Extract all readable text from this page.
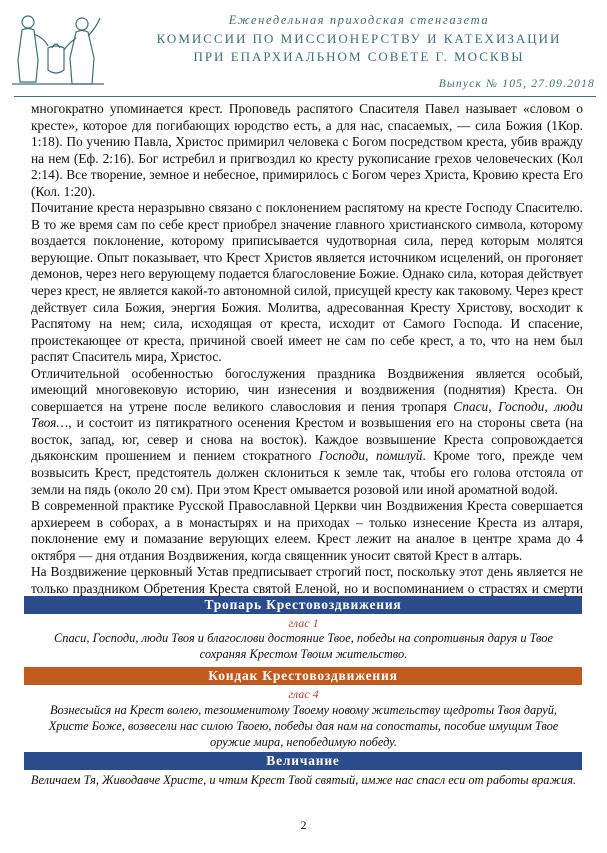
Еженедельная приходская стенгазета
КОМИССИИ ПО МИССИОНЕРСТВУ И КАТЕХИЗАЦИИ
ПРИ ЕПАРХИАЛЬНОМ СОВЕТЕ Г. МОСКВЫ
Выпуск № 105, 27.09.2018

многократно упоминается крест. Проповедь распятого Спасителя Павел называет «словом о кресте», которое для погибающих юродство есть, а для нас, спасаемых, — сила Божия (1Кор. 1:18). По учению Павла, Христос примирил человека с Богом посредством креста, убив вражду на нем (Еф. 2:16). Бог истребил и пригвоздил ко кресту рукописание грехов человеческих (Кол 2:14). Все творение, земное и небесное, примирилось с Богом через Христа, Кровию креста Его (Кол. 1:20).

Почитание креста неразрывно связано с поклонением распятому на кресте Господу Спасителю. В то же время сам по себе крест приобрел значение главного христианского символа, которому воздается поклонение, которому приписывается чудотворная сила, перед которым молятся верующие. Опыт показывает, что Крест Христов является источником исцелений, он прогоняет демонов, через него верующему подается благословение Божие. Однако сила, которая действует через крест, не является какой-то автономной силой, присущей кресту как таковому. Через крест действует сила Божия, энергия Божия. Молитва, адресованная Кресту Христову, восходит к Распятому на нем; сила, исходящая от креста, исходит от Самого Господа. И спасение, проистекающее от креста, причиной своей имеет не сам по себе крест, а то, что на нем был распят Спаситель мира, Христос.

Отличительной особенностью богослужения праздника Воздвижения является особый, имеющий многовековую историю, чин изнесения и воздвижения (поднятия) Креста. Он совершается на утрене после великого славословия и пения тропаря Спаси, Господи, люди Твоя…, и состоит из пятикратного осенения Крестом и возвышения его на стороны света (на восток, запад, юг, север и снова на восток). Каждое возвышение Креста сопровождается дьяконским прошением и пением стократного Господи, помилуй. Кроме того, прежде чем возвысить Крест, предстоятель должен склониться к земле так, чтобы его голова отстояла от земли на пядь (около 20 см). При этом Крест омывается розовой или иной ароматной водой.

В современной практике Русской Православной Церкви чин Воздвижения Креста совершается архиереем в соборах, а в монастырях и на приходах – только изнесение Креста из алтаря, поклонение ему и помазание верующих елеем. Крест лежит на аналое в центре храма до 4 октября — дня отдания Воздвижения, когда священник уносит святой Крест в алтарь.

На Воздвижение церковный Устав предписывает строгий пост, поскольку этот день является не только праздником Обретения Креста святой Еленой, но и воспоминанием о страстях и смерти

Тропарь Крестовоздвижения
глас 1
Спаси, Господи, люди Твоя и благослови достояние Твое, победы на сопротивныя даруя и Твое сохраняя Крестом Твоим жительство.
Кондак Крестовоздвижения
глас 4
Вознесыйся на Крест волею, тезоименитому Твоему новому жительству щедроты Твоя даруй, Христе Боже, возвесели нас силою Твоею, победы дая нам на сопостаты, пособие имущим Твое оружие мира, непобедимую победу.
Величание
Величаем Тя, Живодавче Христе, и чтим Крест Твой святый, имже нас спасл еси от работы вражия.
2
